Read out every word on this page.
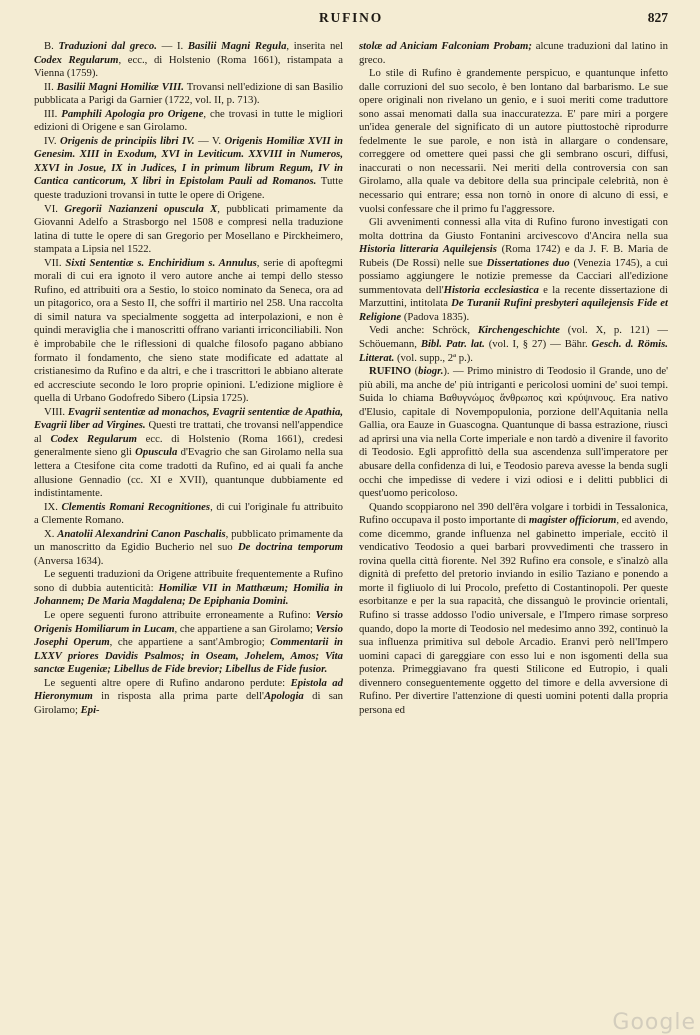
RUFINO	827

B. Traduzioni dal greco. — I. Basilii Magni Regula, inserita nel Codex Regularum, ecc., di Holstenio (Roma 1661), ristampata a Vienna (1759).

II. Basilii Magni Homiliæ VIII. Trovansi nell'edizione di san Basilio pubblicata a Parigi da Garnier (1722, vol. II, p. 713).

III. Pamphili Apologia pro Origene, che trovasi in tutte le migliori edizioni di Origene e san Girolamo.

IV. Origenis de principiis libri IV. — V. Origenis Homiliæ XVII in Genesim. XIII in Exodum, XVI in Leviticum. XXVIII in Numeros, XXVI in Josue, IX in Judices, I in primum librum Regum, IV in Cantica canticorum, X libri in Epistolam Pauli ad Romanos. Tutte queste traduzioni trovansi in tutte le opere di Origene.

VI. Gregorii Nazianzeni opuscula X, pubblicati primamente da Giovanni Adelfo a Strasborgo nel 1508 e compresi nella traduzione latina di tutte le opere di san Gregorio per Mosellano e Pirckheimero, stampata a Lipsia nel 1522.

VII. Sixti Sententiæ s. Enchiridium s. Annulus, serie di apoftegmi morali di cui era ignoto il vero autore anche ai tempi dello stesso Rufino, ed attribuiti ora a Sestio, lo stoico nominato da Seneca, ora ad un pitagorico, ora a Sesto II, che soffrì il martirio nel 258. Una raccolta di simil natura va specialmente soggetta ad interpolazioni, e non è quindi meraviglia che i manoscritti offrano varianti irriconciliabili. Non è improbabile che le riflessioni di qualche filosofo pagano abbiano formato il fondamento, che sieno state modificate ed adattate al cristianesimo da Rufino e da altri, e che i trascrittori le abbiano alterate ed accresciute secondo le loro proprie opinioni. L'edizione migliore è quella di Urbano Godofredo Sibero (Lipsia 1725).

VIII. Evagrii sententiæ ad monachos, Evagrii sententiæ de Apathia, Evagrii liber ad Virgines. Questi tre trattati, che trovansi nell'appendice al Codex Regularum ecc. di Holstenio (Roma 1661), credesi generalmente sieno gli Opuscula d'Evagrio che san Girolamo nella sua lettera a Ctesifone cita come tradotti da Rufino, ed ai quali fa anche allusione Gennadio (cc. XI e XVII), quantunque dubbiamente ed indistintamente.

IX. Clementis Romani Recognitiones, di cui l'originale fu attribuito a Clemente Romano.

X. Anatolii Alexandrini Canon Paschalis, pubblicato primamente da un manoscritto da Egidio Bucherio nel suo De doctrina temporum (Anversa 1634).

Le seguenti traduzioni da Origene attribuite frequentemente a Rufino sono di dubbia autenticità: Homiliæ VII in Matthæum; Homilia in Johannem; De Maria Magdalena; De Epiphania Domini.

Le opere seguenti furono attribuite erroneamente a Rufino: Versio Origenis Homiliarum in Lucam, che appartiene a san Girolamo; Versio Josephi Operum, che appartiene a sant'Ambrogio; Commentarii in LXXV priores Davidis Psalmos; in Oseam, Johelem, Amos; Vita sanctæ Eugeniæ; Libellus de Fide brevior; Libellus de Fide fusior.

Le seguenti altre opere di Rufino andarono perdute: Epistola ad Hieronymum in risposta alla prima parte dell'Apologia di san Girolamo; Epi-

stolæ ad Aniciam Falconiam Probam; alcune traduzioni dal latino in greco.

Lo stile di Rufino è grandemente perspicuo, e quantunque infetto dalle corruzioni del suo secolo, è ben lontano dal barbarismo. Le sue opere originali non rivelano un genio, e i suoi meriti come traduttore sono assai menomati dalla sua inaccuratezza. E' pare miri a porgere un'idea generale del significato di un autore piuttostochè riprodurre fedelmente le sue parole, e non istà in allargare o condensare, correggere od omettere quei passi che gli sembrano oscuri, diffusi, inaccurati o non necessarii. Nei meriti della controversia con san Girolamo, alla quale va debitore della sua principale celebrità, non è necessario qui entrare; essa non tornò in onore di alcuno di essi, e vuolsi confessare che il primo fu l'aggressore.

Gli avvenimenti connessi alla vita di Rufino furono investigati con molta dottrina da Giusto Fontanini arcivescovo d'Ancira nella sua Historia litteraria Aquilejensis (Roma 1742) e da J. F. B. Maria de Rubeis (De Rossi) nelle sue Dissertationes duo (Venezia 1745), a cui possiamo aggiungere le notizie premesse da Cacciari all'edizione summentovata dell'Historia ecclesiastica e la recente dissertazione di Marzuttini, intitolata De Turanii Rufini presbyteri aquilejensis Fide et Religione (Padova 1835).

Vedi anche: Schröck, Kirchengeschichte (vol. X, p. 121) — Schöuemann, Bibl. Patr. lat. (vol. I, § 27) — Bähr. Gesch. d. Römis. Litterat. (vol. supp., 2ª p.).

RUFINO (biogr.). — Primo ministro di Teodosio il Grande, uno de' più abili, ma anche de' più intriganti e pericolosi uomini de' suoi tempi. Suida lo chiama Βαθυγνώμος ἄνθρωπος καὶ κρύψινους. Era nativo d'Elusio, capitale di Novempopulonia, porzione dell'Aquitania nella Gallia, ora Eauze in Guascogna. Quantunque di bassa estrazione, riuscì ad aprirsi una via nella Corte imperiale e non tardò a divenire il favorito di Teodosio. Egli approfittò della sua ascendenza sull'imperatore per abusare della confidenza di lui, e Teodosio pareva avesse la benda sugli occhi che impedisse di vedere i vizi odiosi e i delitti pubblici di quest'uomo pericoloso.

Quando scoppiarono nel 390 dell'êra volgare i torbidi in Tessalonica, Rufino occupava il posto importante di magister officiorum, ed avendo, come dicemmo, grande influenza nel gabinetto imperiale, eccitò il vendicativo Teodosio a quei barbari provvedimenti che trassero in rovina quella città fiorente. Nel 392 Rufino era console, e s'inalzò alla dignità di prefetto del pretorio inviando in esilio Taziano e ponendo a morte il figliuolo di lui Procolo, prefetto di Costantinopoli. Per queste esorbitanze e per la sua rapacità, che dissanguò le provincie orientali, Rufino si trasse addosso l'odio universale, e l'Impero rimase sorpreso quando, dopo la morte di Teodosio nel medesimo anno 392, continuò la sua influenza primitiva sul debole Arcadio. Eranvi però nell'Impero uomini capaci di gareggiare con esso lui e non isgomenti della sua potenza. Primeggiavano fra questi Stilicone ed Eutropio, i quali divennero conseguentemente oggetto del timore e della avversione di Rufino. Per divertire l'attenzione di questi uomini potenti dalla propria persona ed

Google
